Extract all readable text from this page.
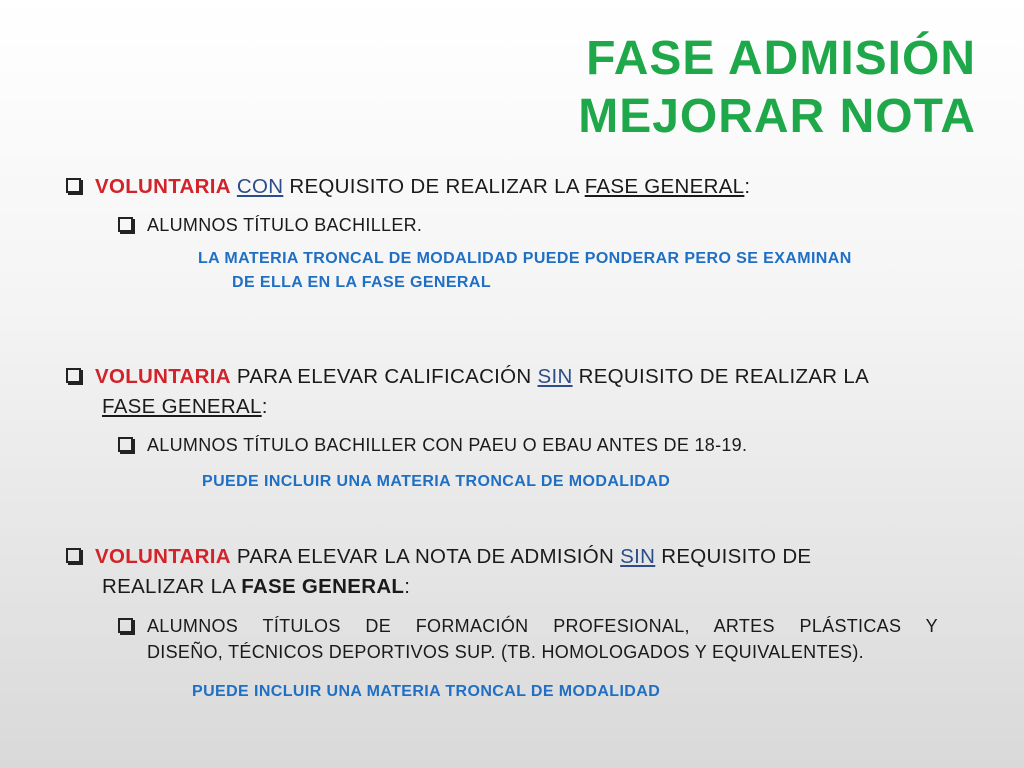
FASE ADMISIÓN
MEJORAR NOTA
VOLUNTARIA CON REQUISITO DE REALIZAR LA FASE GENERAL:
ALUMNOS TÍTULO BACHILLER.
LA MATERIA TRONCAL DE MODALIDAD PUEDE PONDERAR PERO SE EXAMINAN
DE ELLA EN LA FASE GENERAL
VOLUNTARIA PARA ELEVAR CALIFICACIÓN SIN REQUISITO DE REALIZAR LA
FASE GENERAL:
ALUMNOS TÍTULO BACHILLER CON PAEU O EBAU ANTES DE 18-19.
PUEDE INCLUIR UNA MATERIA TRONCAL DE MODALIDAD
VOLUNTARIA PARA ELEVAR LA NOTA DE ADMISIÓN SIN REQUISITO DE
REALIZAR LA FASE GENERAL:
ALUMNOS TÍTULOS DE FORMACIÓN PROFESIONAL, ARTES PLÁSTICAS Y
DISEÑO, TÉCNICOS DEPORTIVOS SUP. (TB. HOMOLOGADOS Y EQUIVALENTES).
PUEDE INCLUIR UNA MATERIA TRONCAL DE MODALIDAD
